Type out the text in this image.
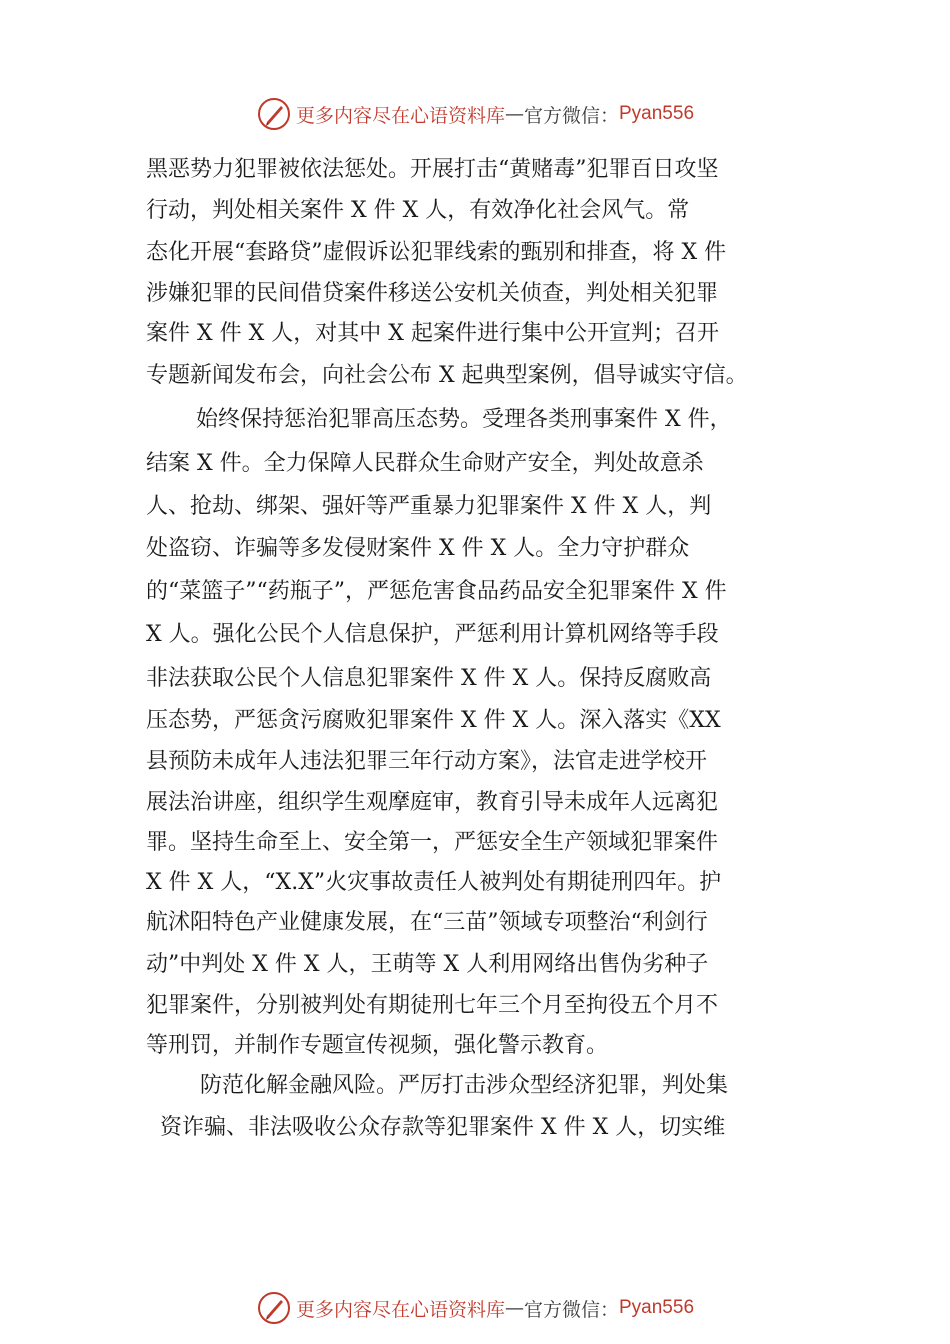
更多内容尽在心语资料库 — 官方微信： Pyan556

黑恶势力犯罪被依法惩处。开展打击“黄赌毒”犯罪百日攻坚

行动，判处相关案件 X 件 X 人，有效净化社会风气。常

态化开展“套路贷”虚假诉讼犯罪线索的甄别和排查，将 X 件

涉嫌犯罪的民间借贷案件移送公安机关侦查，判处相关犯罪

案件 X 件 X 人，对其中 X 起案件进行集中公开宣判；召开

专题新闻发布会，向社会公布 X 起典型案例，倡导诚实守信。

始终保持惩治犯罪高压态势。受理各类刑事案件 X 件，

结案 X 件。全力保障人民群众生命财产安全，判处故意杀

人、抢劫、绑架、强奸等严重暴力犯罪案件 X 件 X 人，判

处盗窃、诈骗等多发侵财案件 X 件 X 人。全力守护群众

的“菜篮子”“药瓶子”，严惩危害食品药品安全犯罪案件 X 件

X 人。强化公民个人信息保护，严惩利用计算机网络等手段

非法获取公民个人信息犯罪案件 X 件 X 人。保持反腐败高

压态势，严惩贪污腐败犯罪案件 X 件 X 人。深入落实《XX

县预防未成年人违法犯罪三年行动方案》，法官走进学校开

展法治讲座，组织学生观摩庭审，教育引导未成年人远离犯

罪。坚持生命至上、安全第一，严惩安全生产领域犯罪案件

X 件 X 人，“X.X”火灾事故责任人被判处有期徒刑四年。护

航沭阳特色产业健康发展，在“三苗”领域专项整治“利剑行

动”中判处 X 件 X 人，王萌等 X 人利用网络出售伪劣种子

犯罪案件，分别被判处有期徒刑七年三个月至拘役五个月不

等刑罚，并制作专题宣传视频，强化警示教育。

防范化解金融风险。严厉打击涉众型经济犯罪，判处集

资诈骗、非法吸收公众存款等犯罪案件 X 件 X 人，切实维

更多内容尽在心语资料库 — 官方微信： Pyan556
